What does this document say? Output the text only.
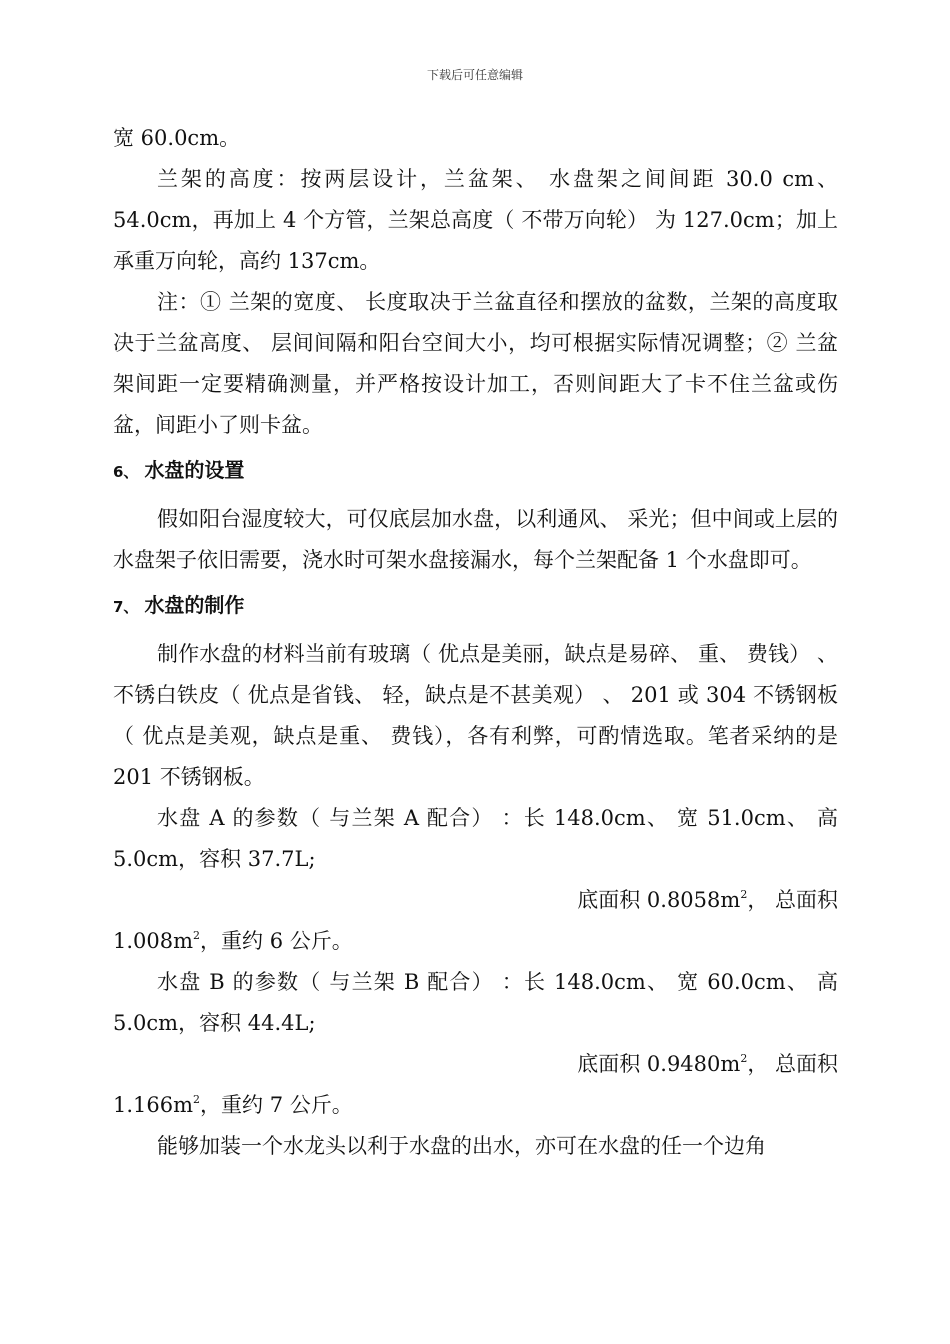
下载后可任意编辑

宽 60.0cm。

兰架的高度：按两层设计，兰盆架、 水盘架之间间距 30.0 cm、 54.0cm，再加上 4 个方管，兰架总高度（ 不带万向轮） 为 127.0cm；加上承重万向轮，高约 137cm。

注：① 兰架的宽度、 长度取决于兰盆直径和摆放的盆数，兰架的高度取决于兰盆高度、 层间间隔和阳台空间大小，均可根据实际情况调整；② 兰盆架间距一定要精确测量，并严格按设计加工，否则间距大了卡不住兰盆或伤盆，间距小了则卡盆。

6、 水盘的设置

假如阳台湿度较大，可仅底层加水盘，以利通风、 采光；但中间或上层的水盘架子依旧需要，浇水时可架水盘接漏水，每个兰架配备 1 个水盘即可。

7、 水盘的制作

制作水盘的材料当前有玻璃（ 优点是美丽，缺点是易碎、 重、 费钱） 、 不锈白铁皮（ 优点是省钱、 轻，缺点是不甚美观） 、 201 或 304 不锈钢板（ 优点是美观，缺点是重、 费钱），各有利弊，可酌情选取。笔者采纳的是 201 不锈钢板。

水盘 A 的参数（ 与兰架 A 配合） ：长 148.0cm、 宽 51.0cm、 高 5.0cm，容积 37.7L;

底面积 $0.8058m^2$， 总面积

$1.008m^2$，重约 6 公斤。

水盘 B 的参数（ 与兰架 B 配合） ：长 148.0cm、 宽 60.0cm、 高 5.0cm，容积 44.4L;

底面积 $0.9480m^2$， 总面积

$1.166m^2$，重约 7 公斤。

能够加装一个水龙头以利于水盘的出水，亦可在水盘的任一个边角
